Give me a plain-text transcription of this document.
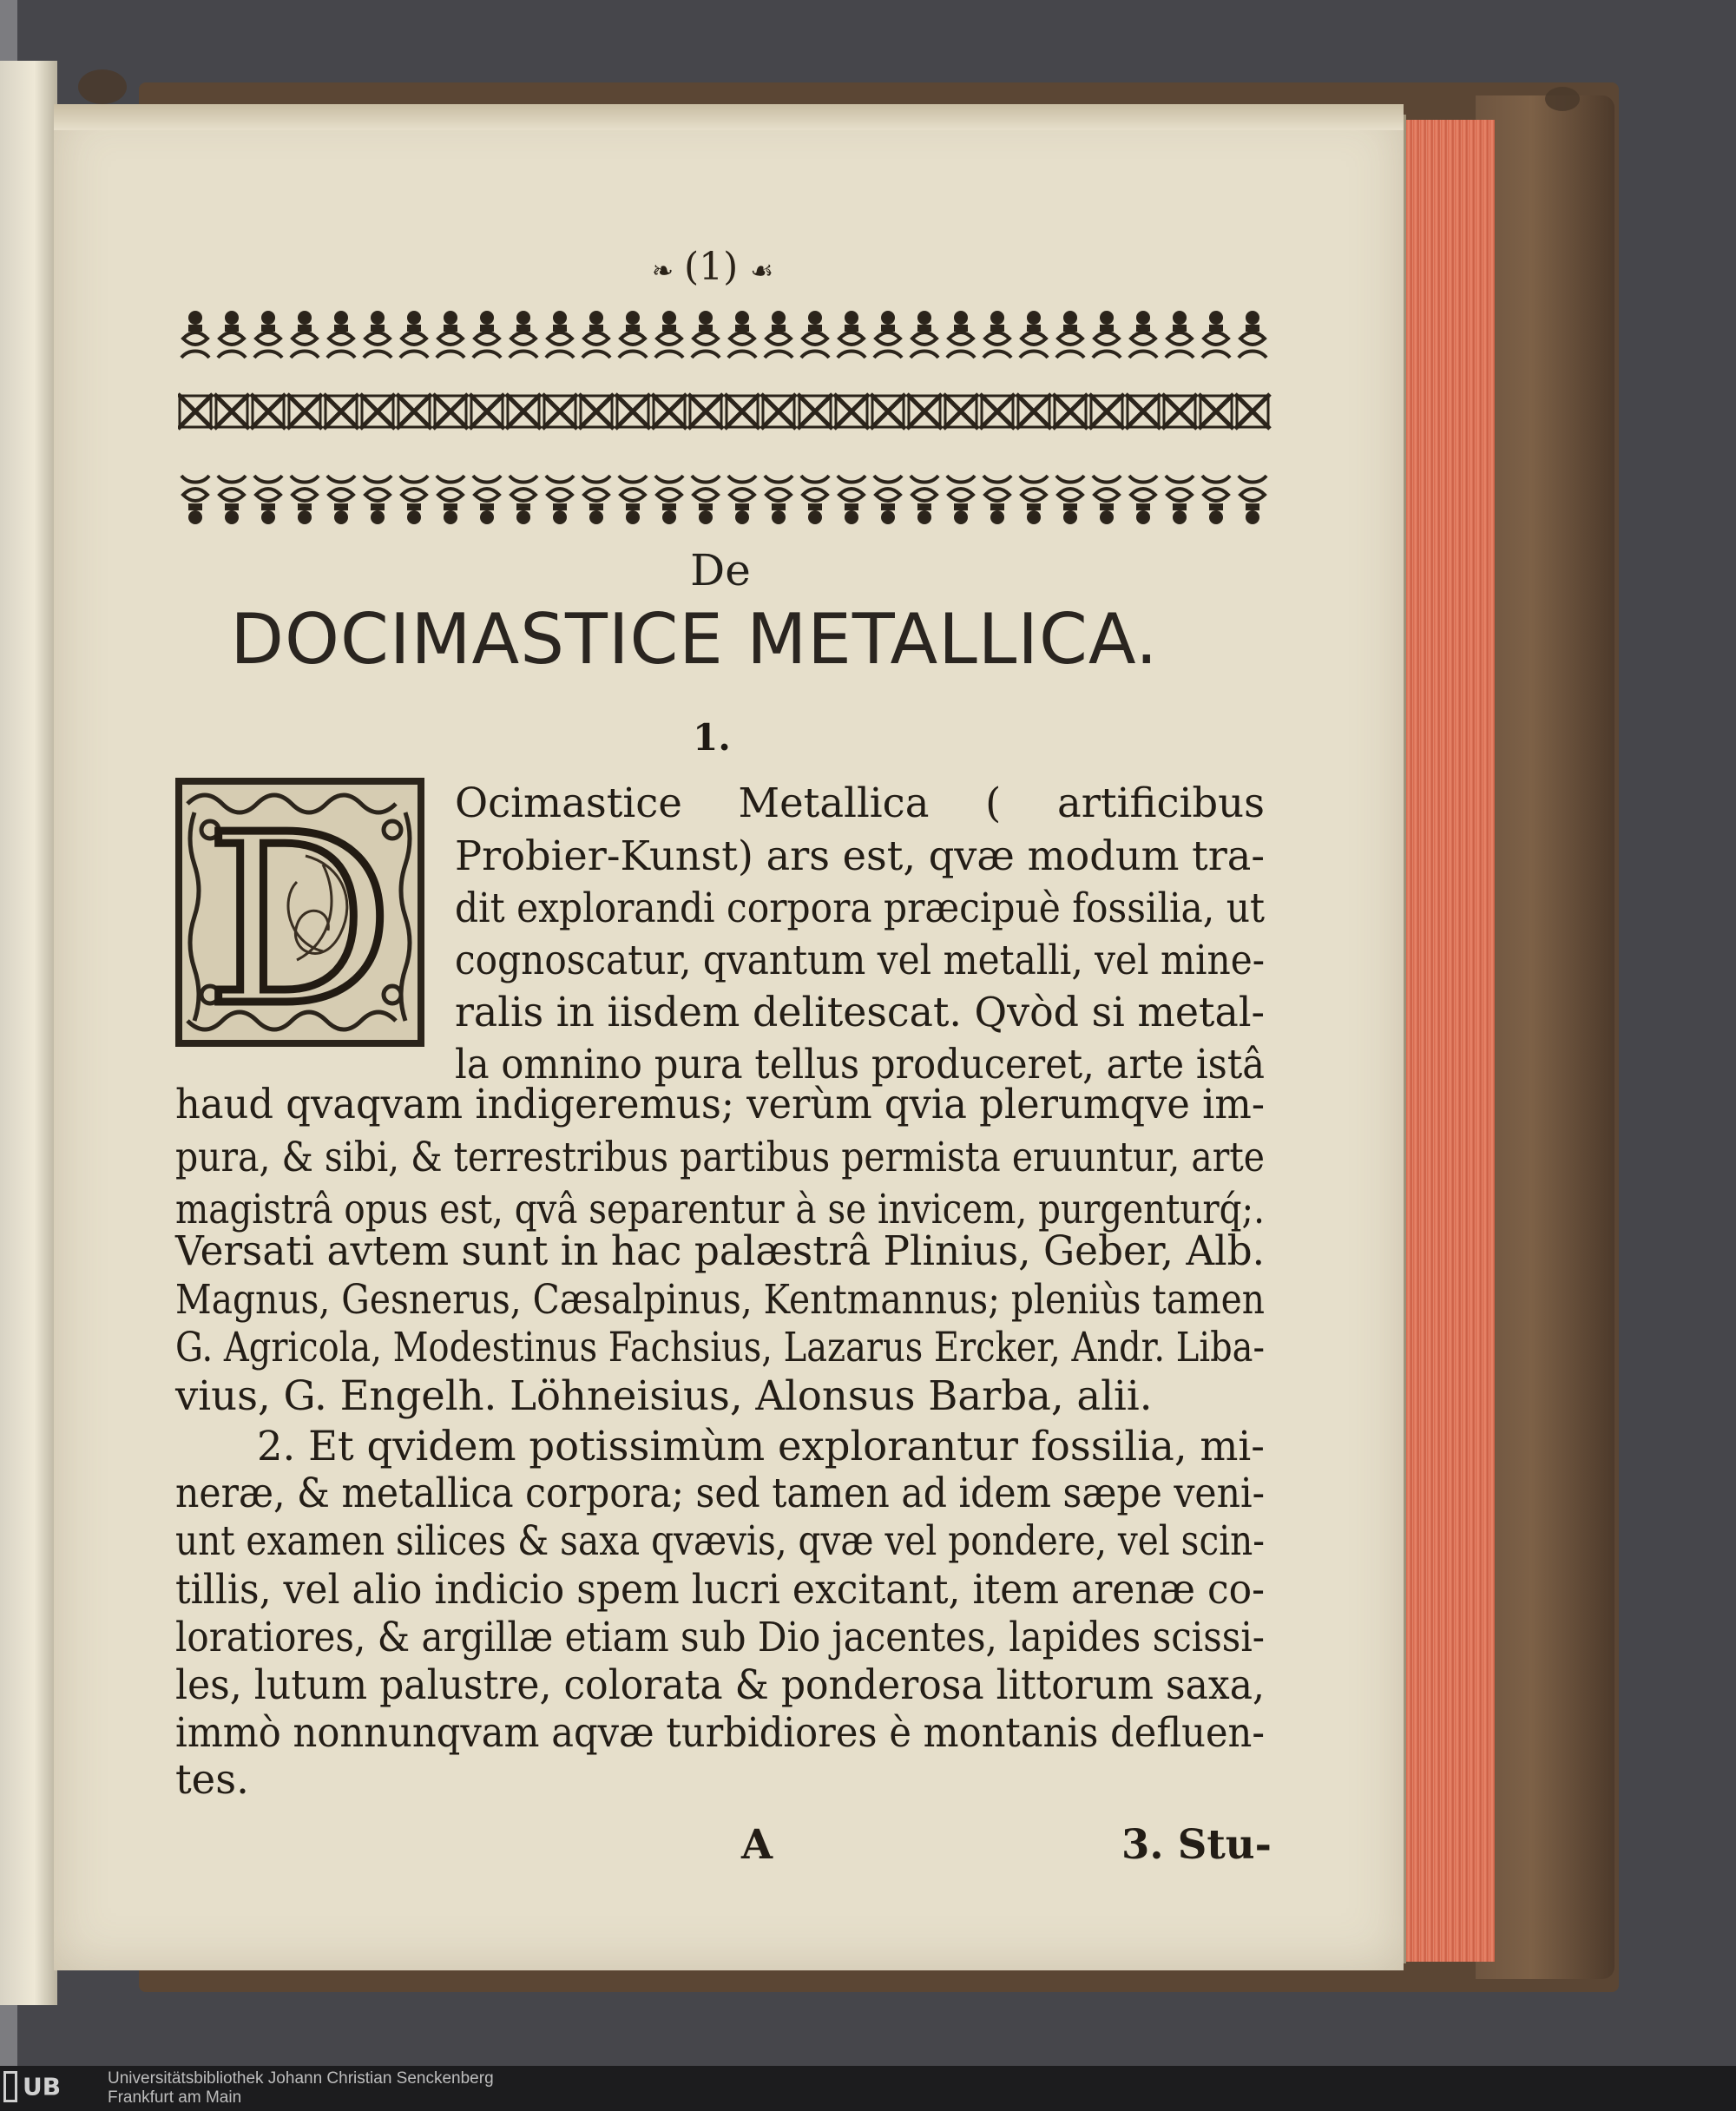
❧ (1) ☙
De
DOCIMASTICE METALLICA.
1.
D Ocimastice Metallica ( artificibus
Probier-Kunst) ars est, qvæ modum tra-
dit explorandi corpora præcipuè fossilia, ut
cognoscatur, qvantum vel metalli, vel mine-
ralis in iisdem delitescat. Qvòd si metal-
la omnino pura tellus produceret, arte istâ
haud qvaqvam indigeremus; verùm qvia plerumqve im-
pura, & sibi, & terrestribus partibus permista eruuntur, arte
magistrâ opus est, qvâ separentur à se invicem, purgenturq́;.
Versati avtem sunt in hac palæstrâ Plinius, Geber, Alb.
Magnus, Gesnerus, Cæsalpinus, Kentmannus; pleniùs tamen
G. Agricola, Modestinus Fachsius, Lazarus Ercker, Andr. Liba-
vius, G. Engelh. Löhneisius, Alonsus Barba, alii.
2. Et qvidem potissimùm explorantur fossilia, mi-
neræ, & metallica corpora; sed tamen ad idem sæpe veni-
unt examen silices & saxa qvævis, qvæ vel pondere, vel scin-
tillis, vel alio indicio spem lucri excitant, item arenæ co-
loratiores, & argillæ etiam sub Dio jacentes, lapides scissi-
les, lutum palustre, colorata & ponderosa littorum saxa,
immò nonnunqvam aqvæ turbidiores è montanis defluen-
tes.
A	3. Stu-
UB	Universitätsbibliothek Johann Christian Senckenberg
Frankfurt am Main
